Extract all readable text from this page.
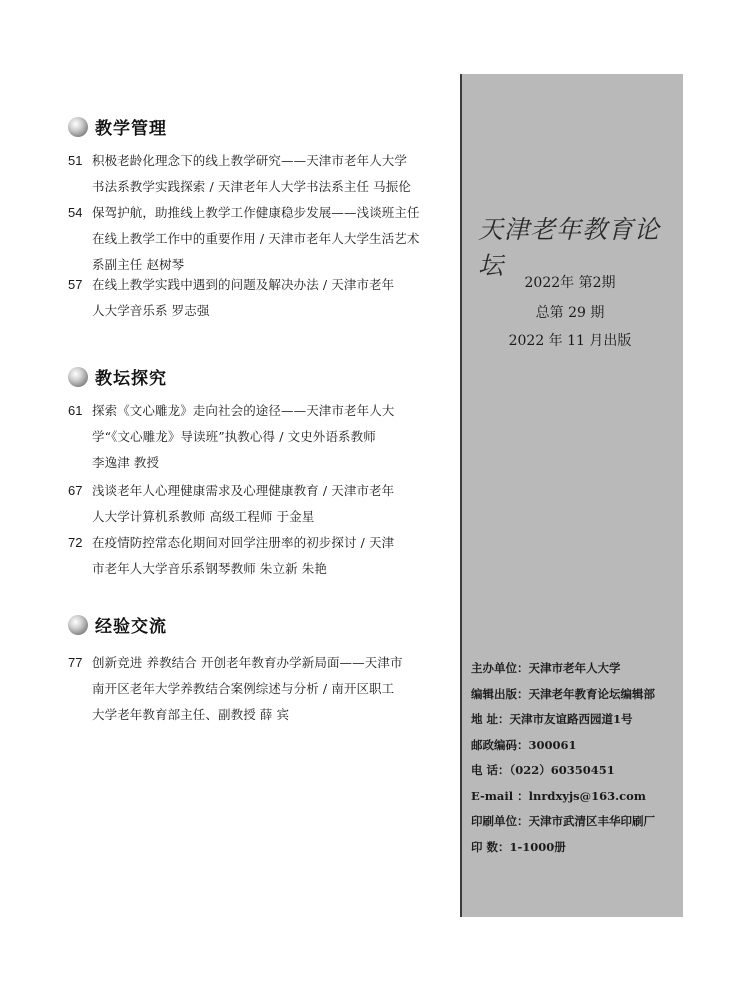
教学管理
51 积极老龄化理念下的线上教学研究——天津市老年人大学
书法系教学实践探索 / 天津老年人大学书法系主任 马振伦
54 保驾护航，助推线上教学工作健康稳步发展——浅谈班主任
在线上教学工作中的重要作用 / 天津市老年人大学生活艺术
系副主任 赵树琴
57 在线上教学实践中遇到的问题及解决办法 / 天津市老年
人大学音乐系 罗志强
教坛探究
61 探索《文心雕龙》走向社会的途径——天津市老年人大
学“《文心雕龙》导读班”执教心得 / 文史外语系教师
李逸津 教授
67 浅谈老年人心理健康需求及心理健康教育 / 天津市老年
人大学计算机系教师 高级工程师 于金星
72 在疫情防控常态化期间对回学注册率的初步探讨 / 天津
市老年人大学音乐系钢琴教师 朱立新 朱艳
经验交流
77 创新竞进 养教结合 开创老年教育办学新局面——天津市
南开区老年大学养教结合案例综述与分析 / 南开区职工
大学老年教育部主任、副教授 薛 宾
天津老年教育论坛
2022年 第2期
总第 29 期
2022 年 11 月出版
主办单位：天津市老年人大学
编辑出版：天津老年教育论坛编辑部
地 址：天津市友谊路西园道1号
邮政编码：300061
电 话：（022）60350451
E-mail ：lnrdxyjs@163.com
印刷单位：天津市武清区丰华印刷厂
印 数：1-1000册
